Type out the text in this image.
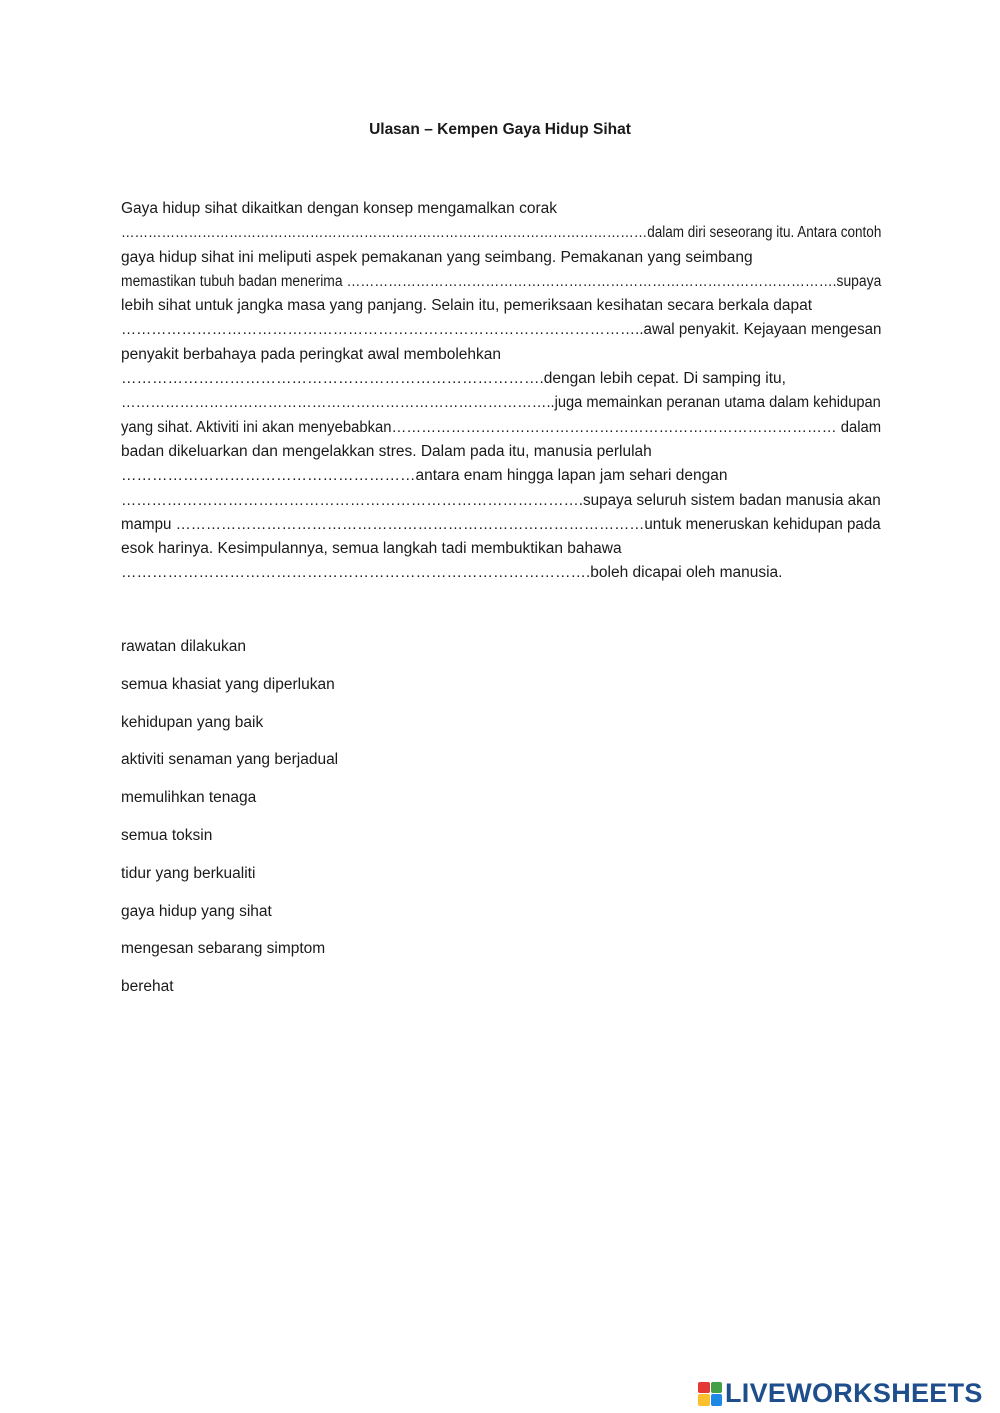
Ulasan – Kempen Gaya Hidup Sihat
Gaya hidup sihat dikaitkan dengan konsep mengamalkan corak
………………………………………………………………………………………………………dalam diri seseorang itu. Antara contoh
gaya hidup sihat ini meliputi aspek pemakanan yang seimbang. Pemakanan yang seimbang
memastikan tubuh badan menerima …………………………………………………………………………………………….supaya
lebih sihat untuk jangka masa yang panjang. Selain itu, pemeriksaan kesihatan secara berkala dapat
…………………………………………………………………………………………..awal penyakit. Kejayaan mengesan
penyakit berbahaya pada peringkat awal membolehkan
……………………………………………………………………….dengan lebih cepat. Di samping itu,
……………………………………………………………………………..juga memainkan peranan utama dalam kehidupan
yang sihat. Aktiviti ini akan menyebabkan……………………………………………………………………………… dalam
badan dikeluarkan dan mengelakkan stres. Dalam pada itu, manusia perlulah
…………………………………………………antara enam hingga lapan jam sehari dengan
……………………………………………………………………………….supaya seluruh sistem badan manusia akan
mampu …………………………………………………………………………………untuk meneruskan kehidupan pada
esok harinya. Kesimpulannya, semua langkah tadi membuktikan bahawa
……………………………………………………………………………….boleh dicapai oleh manusia.
rawatan dilakukan
semua khasiat yang diperlukan
kehidupan yang baik
aktiviti senaman yang berjadual
memulihkan tenaga
semua toksin
tidur yang berkualiti
gaya hidup yang sihat
mengesan sebarang simptom
berehat
LIVEWORKSHEETS
